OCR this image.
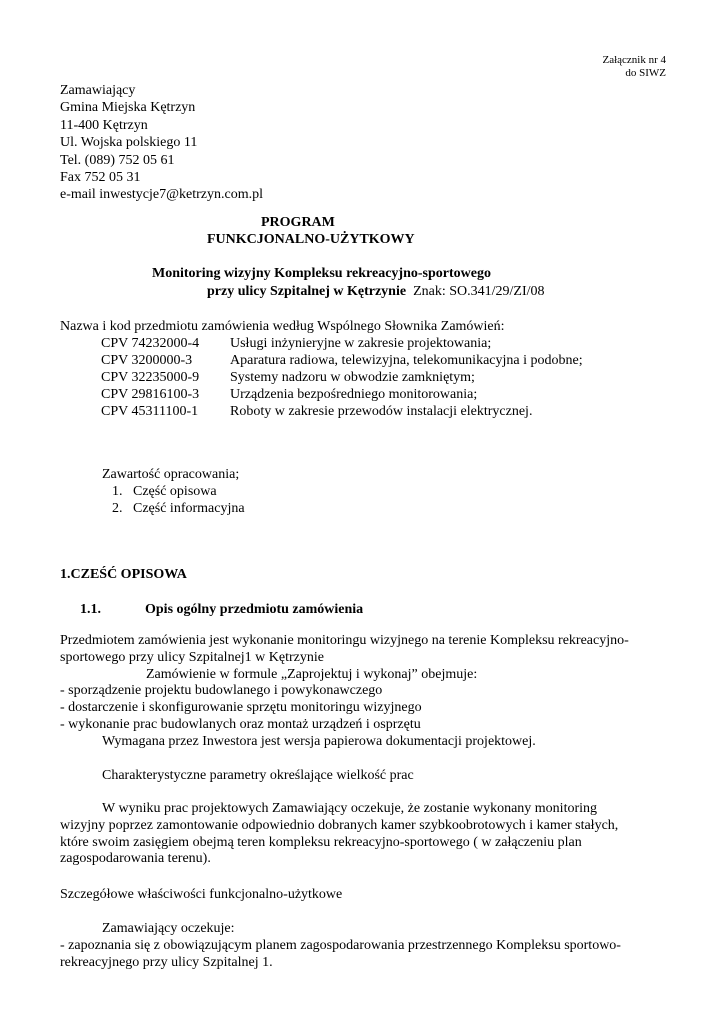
Załącznik nr 4
do SIWZ
Zamawiający
Gmina Miejska Kętrzyn
11-400 Kętrzyn
Ul. Wojska polskiego 11
Tel. (089) 752 05 61
Fax 752 05 31
e-mail inwestycje7@ketrzyn.com.pl
PROGRAM
FUNKCJONALNO-UŻYTKOWY
Monitoring wizyjny Kompleksu rekreacyjno-sportowego
przy ulicy Szpitalnej w Kętrzynie Znak: SO.341/29/ZI/08
Nazwa i kod przedmiotu zamówienia według Wspólnego Słownika Zamówień:
CPV 74232000-4 Usługi inżynieryjne w zakresie projektowania;
CPV 3200000-3	Aparatura radiowa, telewizyjna, telekomunikacyjna i podobne;
CPV 32235000-9 Systemy nadzoru w obwodzie zamkniętym;
CPV 29816100-3 Urządzenia bezpośredniego monitorowania;
CPV 45311100-1 Roboty w zakresie przewodów instalacji elektrycznej.
Zawartość opracowania;
1. Część opisowa
2. Część informacyjna
1.CZEŚĆ OPISOWA
1.1.	Opis ogólny przedmiotu zamówienia
Przedmiotem zamówienia jest wykonanie monitoringu wizyjnego na terenie Kompleksu rekreacyjno-
sportowego przy ulicy Szpitalnej1 w Kętrzynie
Zamówienie w formule „Zaprojektuj i wykonaj” obejmuje:
- sporządzenie projektu budowlanego i powykonawczego
- dostarczenie i skonfigurowanie sprzętu monitoringu wizyjnego
- wykonanie prac budowlanych oraz montaż urządzeń i osprzętu
Wymagana przez Inwestora jest wersja papierowa dokumentacji projektowej.
Charakterystyczne parametry określające wielkość prac
W wyniku prac projektowych Zamawiający oczekuje, że zostanie wykonany monitoring
wizyjny poprzez zamontowanie odpowiednio dobranych kamer szybkoobrotowych i kamer stałych,
które swoim zasięgiem obejmą teren kompleksu rekreacyjno-sportowego ( w załączeniu plan
zagospodarowania terenu).
Szczegółowe właściwości funkcjonalno-użytkowe
Zamawiający oczekuje:
- zapoznania się z obowiązującym planem zagospodarowania przestrzennego Kompleksu sportowo-
rekreacyjnego przy ulicy Szpitalnej 1.
